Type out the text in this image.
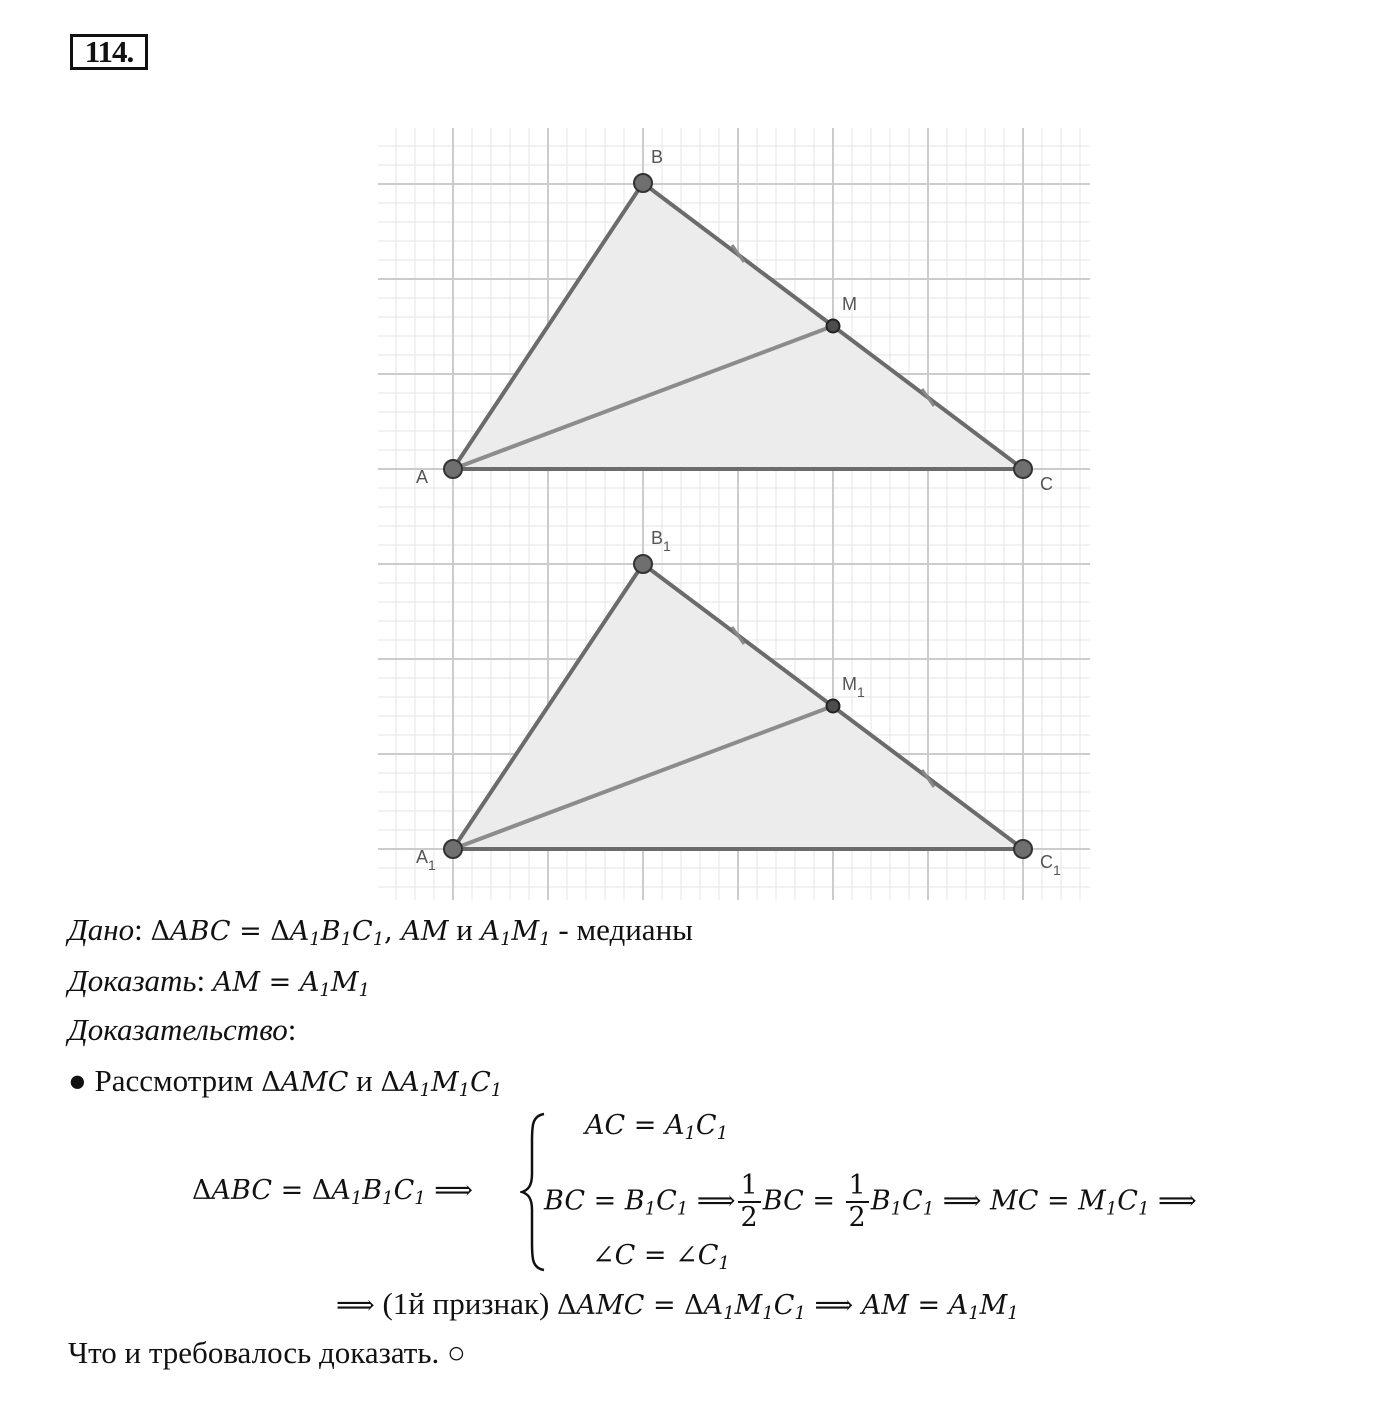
114.
A
B
C
M
$A_1$
$B_1$
$C_1$
$M_1$
Дано: $\Delta ABC = \Delta A_1B_1C_1$, AM и $A_1M_1$ - медианы
Доказать: AM = $A_1M_1$
Доказательство:
● Рассмотрим ΔAMC и $\Delta A_1M_1C_1$
$\Delta ABC = \Delta A_1B_1C_1$ ⟹
AC = $A_1C_1$
BC = $B_1C_1$ ⟹ $\frac{1}{2}$ BC = $\frac{1}{2} B_1C_1$ ⟹ MC = $M_1C_1$ ⟹
∠C = $\angle C_1$
⟹ (1й признак) $\Delta AMC = \Delta A_1M_1C_1$ ⟹ AM = $A_1M_1$
Что и требовалось доказать. ○
